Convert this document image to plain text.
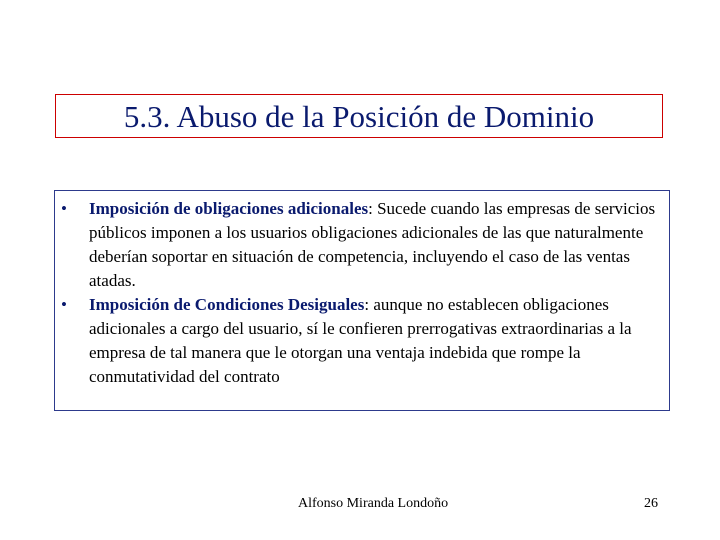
5.3. Abuso de la Posición de Dominio
•	Imposición de obligaciones adicionales: Sucede cuando las empresas de servicios públicos imponen a los usuarios obligaciones adicionales de las que naturalmente deberían soportar en situación de competencia, incluyendo el caso de las ventas atadas.
•	Imposición de Condiciones Desiguales: aunque no establecen obligaciones adicionales a cargo del usuario, sí le confieren prerrogativas extraordinarias a la empresa de tal manera que le otorgan una ventaja indebida que rompe la conmutatividad del contrato
Alfonso Miranda Londoño	26
